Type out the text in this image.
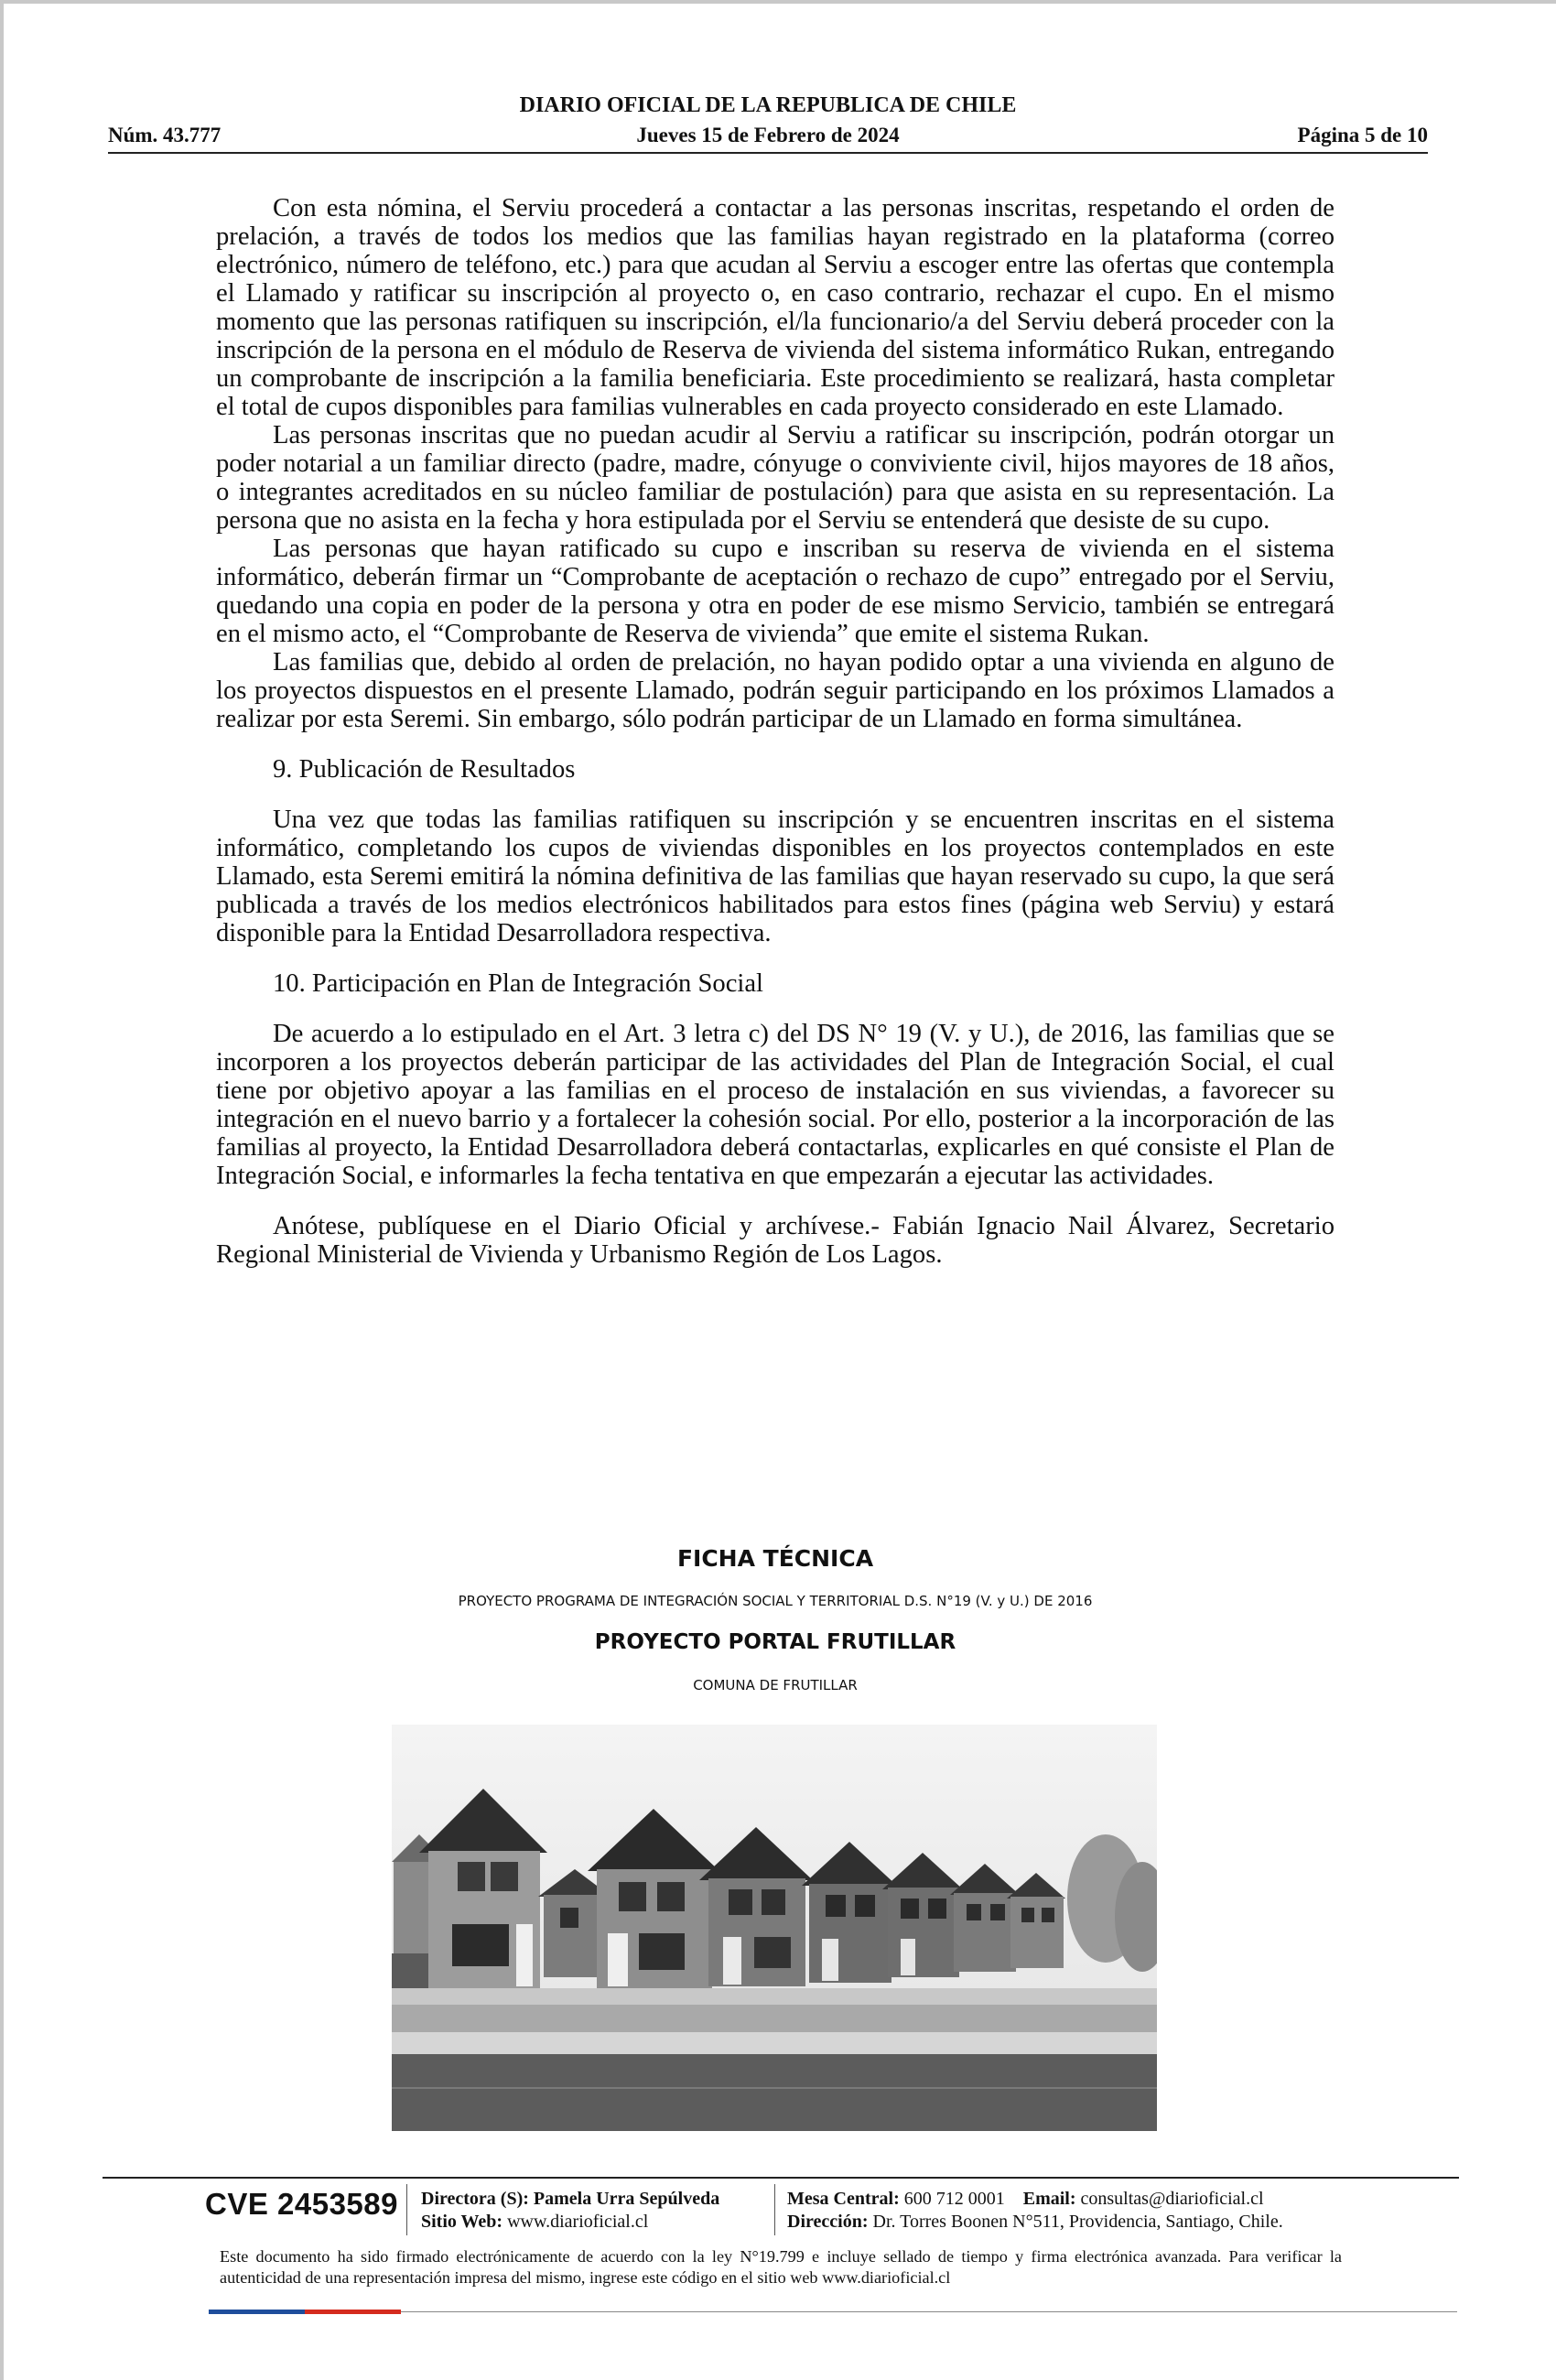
DIARIO OFICIAL DE LA REPUBLICA DE CHILE
Núm. 43.777	Jueves 15 de Febrero de 2024	Página 5 de 10

Con esta nómina, el Serviu procederá a contactar a las personas inscritas, respetando el orden de prelación, a través de todos los medios que las familias hayan registrado en la plataforma (correo electrónico, número de teléfono, etc.) para que acudan al Serviu a escoger entre las ofertas que contempla el Llamado y ratificar su inscripción al proyecto o, en caso contrario, rechazar el cupo. En el mismo momento que las personas ratifiquen su inscripción, el/la funcionario/a del Serviu deberá proceder con la inscripción de la persona en el módulo de Reserva de vivienda del sistema informático Rukan, entregando un comprobante de inscripción a la familia beneficiaria. Este procedimiento se realizará, hasta completar el total de cupos disponibles para familias vulnerables en cada proyecto considerado en este Llamado.

Las personas inscritas que no puedan acudir al Serviu a ratificar su inscripción, podrán otorgar un poder notarial a un familiar directo (padre, madre, cónyuge o conviviente civil, hijos mayores de 18 años, o integrantes acreditados en su núcleo familiar de postulación) para que asista en su representación. La persona que no asista en la fecha y hora estipulada por el Serviu se entenderá que desiste de su cupo.

Las personas que hayan ratificado su cupo e inscriban su reserva de vivienda en el sistema informático, deberán firmar un “Comprobante de aceptación o rechazo de cupo” entregado por el Serviu, quedando una copia en poder de la persona y otra en poder de ese mismo Servicio, también se entregará en el mismo acto, el “Comprobante de Reserva de vivienda” que emite el sistema Rukan.

Las familias que, debido al orden de prelación, no hayan podido optar a una vivienda en alguno de los proyectos dispuestos en el presente Llamado, podrán seguir participando en los próximos Llamados a realizar por esta Seremi. Sin embargo, sólo podrán participar de un Llamado en forma simultánea.

9. Publicación de Resultados

Una vez que todas las familias ratifiquen su inscripción y se encuentren inscritas en el sistema informático, completando los cupos de viviendas disponibles en los proyectos contemplados en este Llamado, esta Seremi emitirá la nómina definitiva de las familias que hayan reservado su cupo, la que será publicada a través de los medios electrónicos habilitados para estos fines (página web Serviu) y estará disponible para la Entidad Desarrolladora respectiva.

10. Participación en Plan de Integración Social

De acuerdo a lo estipulado en el Art. 3 letra c) del DS N° 19 (V. y U.), de 2016, las familias que se incorporen a los proyectos deberán participar de las actividades del Plan de Integración Social, el cual tiene por objetivo apoyar a las familias en el proceso de instalación en sus viviendas, a favorecer su integración en el nuevo barrio y a fortalecer la cohesión social. Por ello, posterior a la incorporación de las familias al proyecto, la Entidad Desarrolladora deberá contactarlas, explicarles en qué consiste el Plan de Integración Social, e informarles la fecha tentativa en que empezarán a ejecutar las actividades.

Anótese, publíquese en el Diario Oficial y archívese.- Fabián Ignacio Nail Álvarez, Secretario Regional Ministerial de Vivienda y Urbanismo Región de Los Lagos.

FICHA TÉCNICA
PROYECTO PROGRAMA DE INTEGRACIÓN SOCIAL Y TERRITORIAL D.S. N°19 (V. y U.) DE 2016
PROYECTO PORTAL FRUTILLAR
COMUNA DE FRUTILLAR
CVE 2453589 Directora (S): Pamela Urra Sepúlveda
Sitio Web: www.diarioficial.cl
Mesa Central: 600 712 0001 Email: consultas@diarioficial.cl
Dirección: Dr. Torres Boonen N°511, Providencia, Santiago, Chile.
Este documento ha sido firmado electrónicamente de acuerdo con la ley N°19.799 e incluye sellado de tiempo y firma electrónica avanzada. Para verificar la autenticidad de una representación impresa del mismo, ingrese este código en el sitio web www.diarioficial.cl
